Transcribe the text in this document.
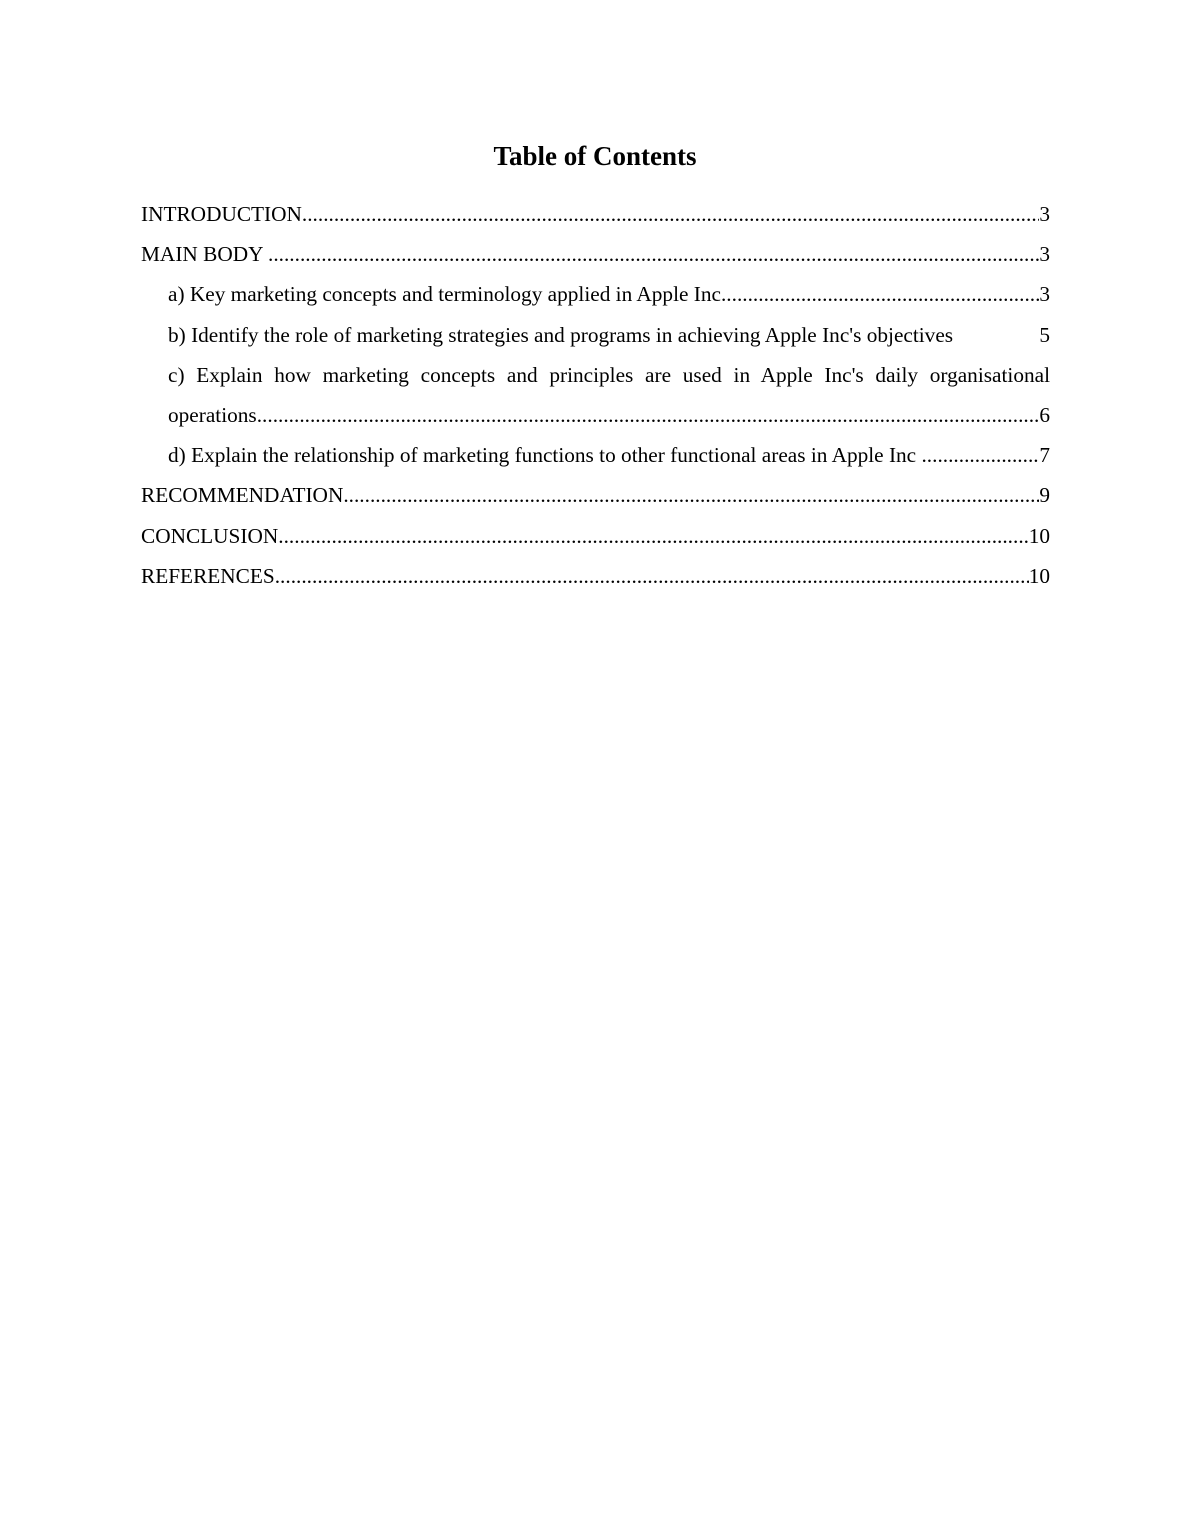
Table of Contents
INTRODUCTION .....	3
MAIN BODY .....	3
a) Key marketing concepts and terminology applied in Apple Inc. .....	3
b) Identify the role of marketing strategies and programs in achieving Apple Inc's objectives	5
c) Explain how marketing concepts and principles are used in Apple Inc's daily organisational
operations .....	6
d) Explain the relationship of marketing functions to other functional areas in Apple Inc .....	7
RECOMMENDATION .....	9
CONCLUSION .....	10
REFERENCES .....	10
